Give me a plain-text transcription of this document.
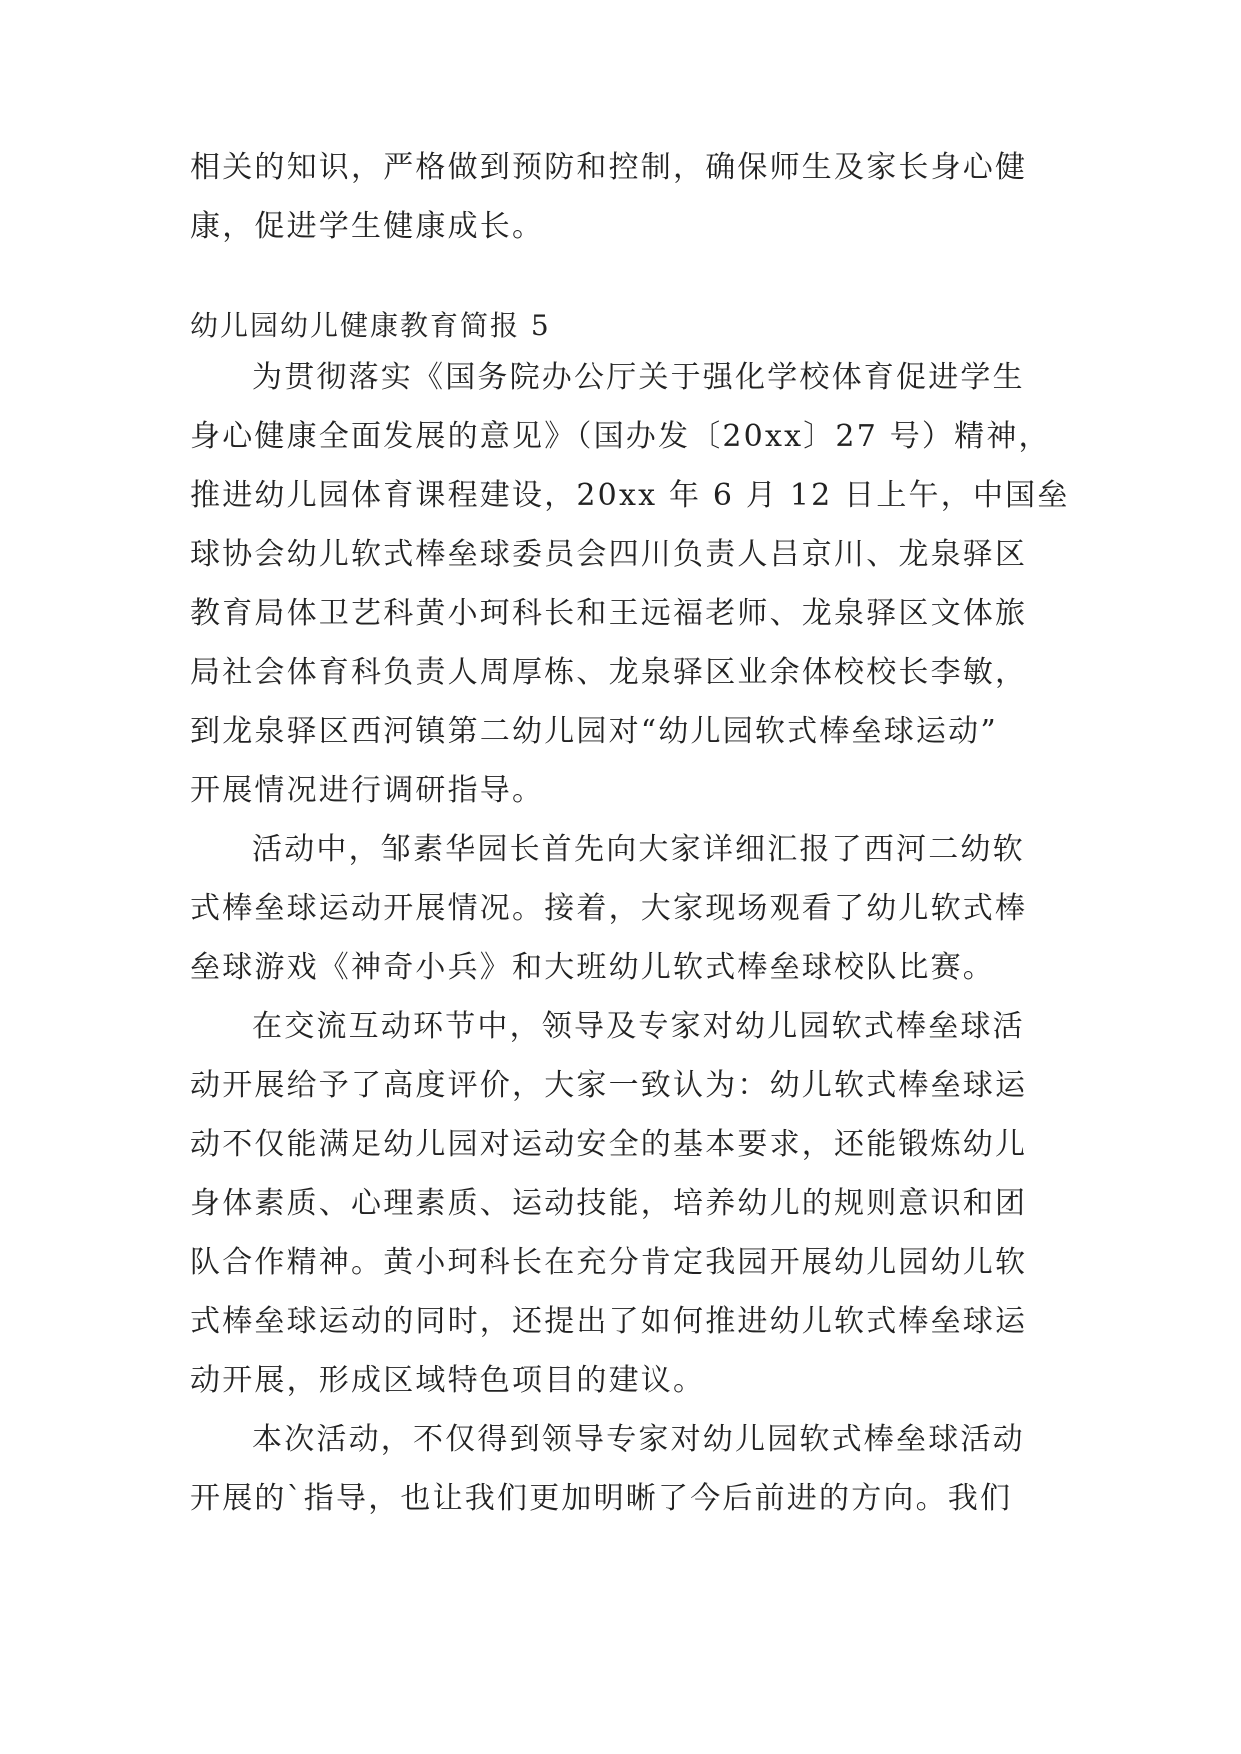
相关的知识，严格做到预防和控制，确保师生及家长身心健
康，促进学生健康成长。
幼儿园幼儿健康教育简报 5
为贯彻落实《国务院办公厅关于强化学校体育促进学生
身心健康全面发展的意见》（国办发〔20xx〕27 号）精神，
推进幼儿园体育课程建设，20xx 年 6 月 12 日上午，中国垒
球协会幼儿软式棒垒球委员会四川负责人吕京川、龙泉驿区
教育局体卫艺科黄小珂科长和王远福老师、龙泉驿区文体旅
局社会体育科负责人周厚栋、龙泉驿区业余体校校长李敏，
到龙泉驿区西河镇第二幼儿园对“幼儿园软式棒垒球运动”
开展情况进行调研指导。
活动中，邹素华园长首先向大家详细汇报了西河二幼软
式棒垒球运动开展情况。接着，大家现场观看了幼儿软式棒
垒球游戏《神奇小兵》和大班幼儿软式棒垒球校队比赛。
在交流互动环节中，领导及专家对幼儿园软式棒垒球活
动开展给予了高度评价，大家一致认为：幼儿软式棒垒球运
动不仅能满足幼儿园对运动安全的基本要求，还能锻炼幼儿
身体素质、心理素质、运动技能，培养幼儿的规则意识和团
队合作精神。黄小珂科长在充分肯定我园开展幼儿园幼儿软
式棒垒球运动的同时，还提出了如何推进幼儿软式棒垒球运
动开展，形成区域特色项目的建议。
本次活动，不仅得到领导专家对幼儿园软式棒垒球活动
开展的`指导，也让我们更加明晰了今后前进的方向。我们
